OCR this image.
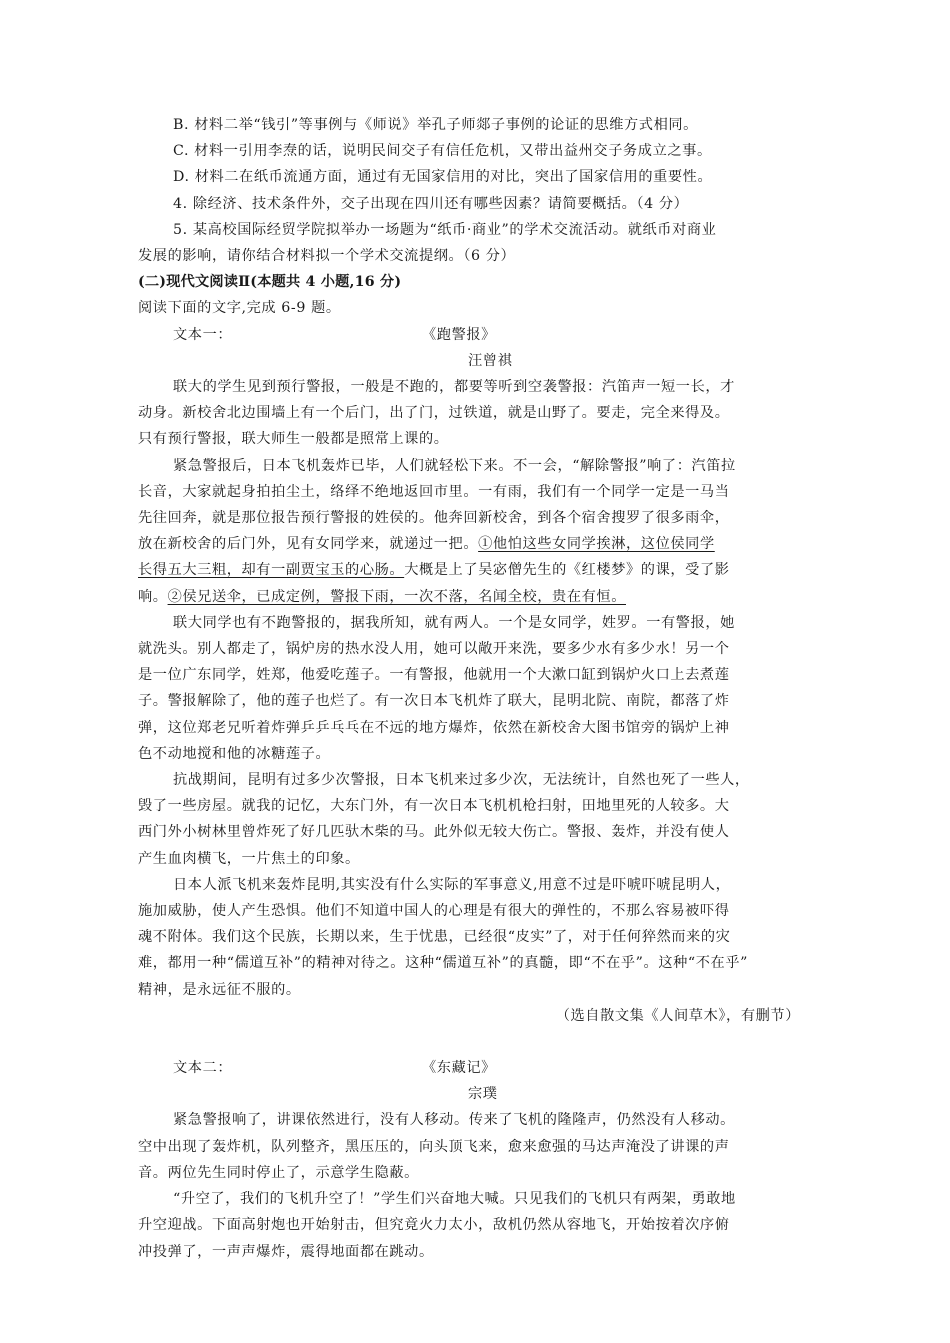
B. 材料二举“钱引”等事例与《师说》举孔子师郯子事例的论证的思维方式相同。

C. 材料一引用李焘的话，说明民间交子有信任危机，又带出益州交子务成立之事。

D. 材料二在纸币流通方面，通过有无国家信用的对比，突出了国家信用的重要性。

4. 除经济、技术条件外，交子出现在四川还有哪些因素？请简要概括。（4 分）

5. 某高校国际经贸学院拟举办一场题为“纸币·商业”的学术交流活动。就纸币对商业

发展的影响，请你结合材料拟一个学术交流提纲。（6 分）

(二)现代文阅读Ⅱ(本题共 4 小题,16 分)

阅读下面的文字,完成 6-9 题。

文本一：	《跑警报》

汪曾祺

联大的学生见到预行警报，一般是不跑的，都要等听到空袭警报：汽笛声一短一长，才

动身。新校舍北边围墙上有一个后门，出了门，过铁道，就是山野了。要走，完全来得及。

只有预行警报，联大师生一般都是照常上课的。

紧急警报后，日本飞机轰炸已毕，人们就轻松下来。不一会，“解除警报”响了：汽笛拉

长音，大家就起身拍拍尘土，络绎不绝地返回市里。一有雨，我们有一个同学一定是一马当

先往回奔，就是那位报告预行警报的姓侯的。他奔回新校舍，到各个宿舍搜罗了很多雨伞，

放在新校舍的后门外，见有女同学来，就递过一把。①他怕这些女同学挨淋，这位侯同学

长得五大三粗，却有一副贾宝玉的心肠。大概是上了吴宓僧先生的《红楼梦》的课，受了影

响。②侯兄送伞，已成定例，警报下雨，一次不落，名闻全校，贵在有恒。

联大同学也有不跑警报的，据我所知，就有两人。一个是女同学，姓罗。一有警报，她

就洗头。别人都走了，锅炉房的热水没人用，她可以敞开来洗，要多少水有多少水！另一个

是一位广东同学，姓郑，他爱吃莲子。一有警报，他就用一个大漱口缸到锅炉火口上去煮莲

子。警报解除了，他的莲子也烂了。有一次日本飞机炸了联大，昆明北院、南院，都落了炸

弹，这位郑老兄听着炸弹乒乒乓乓在不远的地方爆炸，依然在新校舍大图书馆旁的锅炉上神

色不动地搅和他的冰糖莲子。

抗战期间，昆明有过多少次警报，日本飞机来过多少次，无法统计，自然也死了一些人，

毁了一些房屋。就我的记忆，大东门外，有一次日本飞机机枪扫射，田地里死的人较多。大

西门外小树林里曾炸死了好几匹驮木柴的马。此外似无较大伤亡。警报、轰炸，并没有使人

产生血肉横飞，一片焦土的印象。

日本人派飞机来轰炸昆明,其实没有什么实际的军事意义,用意不过是吓唬吓唬昆明人，

施加威胁，使人产生恐惧。他们不知道中国人的心理是有很大的弹性的，不那么容易被吓得

魂不附体。我们这个民族，长期以来，生于忧患，已经很“皮实”了，对于任何猝然而来的灾

难，都用一种“儒道互补”的精神对待之。这种“儒道互补”的真髓，即“不在乎”。这种“不在乎”

精神，是永远征不服的。

（选自散文集《人间草木》，有删节）

文本二：	《东藏记》

宗璞

紧急警报响了，讲课依然进行，没有人移动。传来了飞机的隆隆声，仍然没有人移动。

空中出现了轰炸机，队列整齐，黑压压的，向头顶飞来，愈来愈强的马达声淹没了讲课的声

音。两位先生同时停止了，示意学生隐蔽。

“升空了，我们的飞机升空了！”学生们兴奋地大喊。只见我们的飞机只有两架，勇敢地

升空迎战。下面高射炮也开始射击，但究竟火力太小，敌机仍然从容地飞，开始按着次序俯

冲投弹了，一声声爆炸，震得地面都在跳动。
